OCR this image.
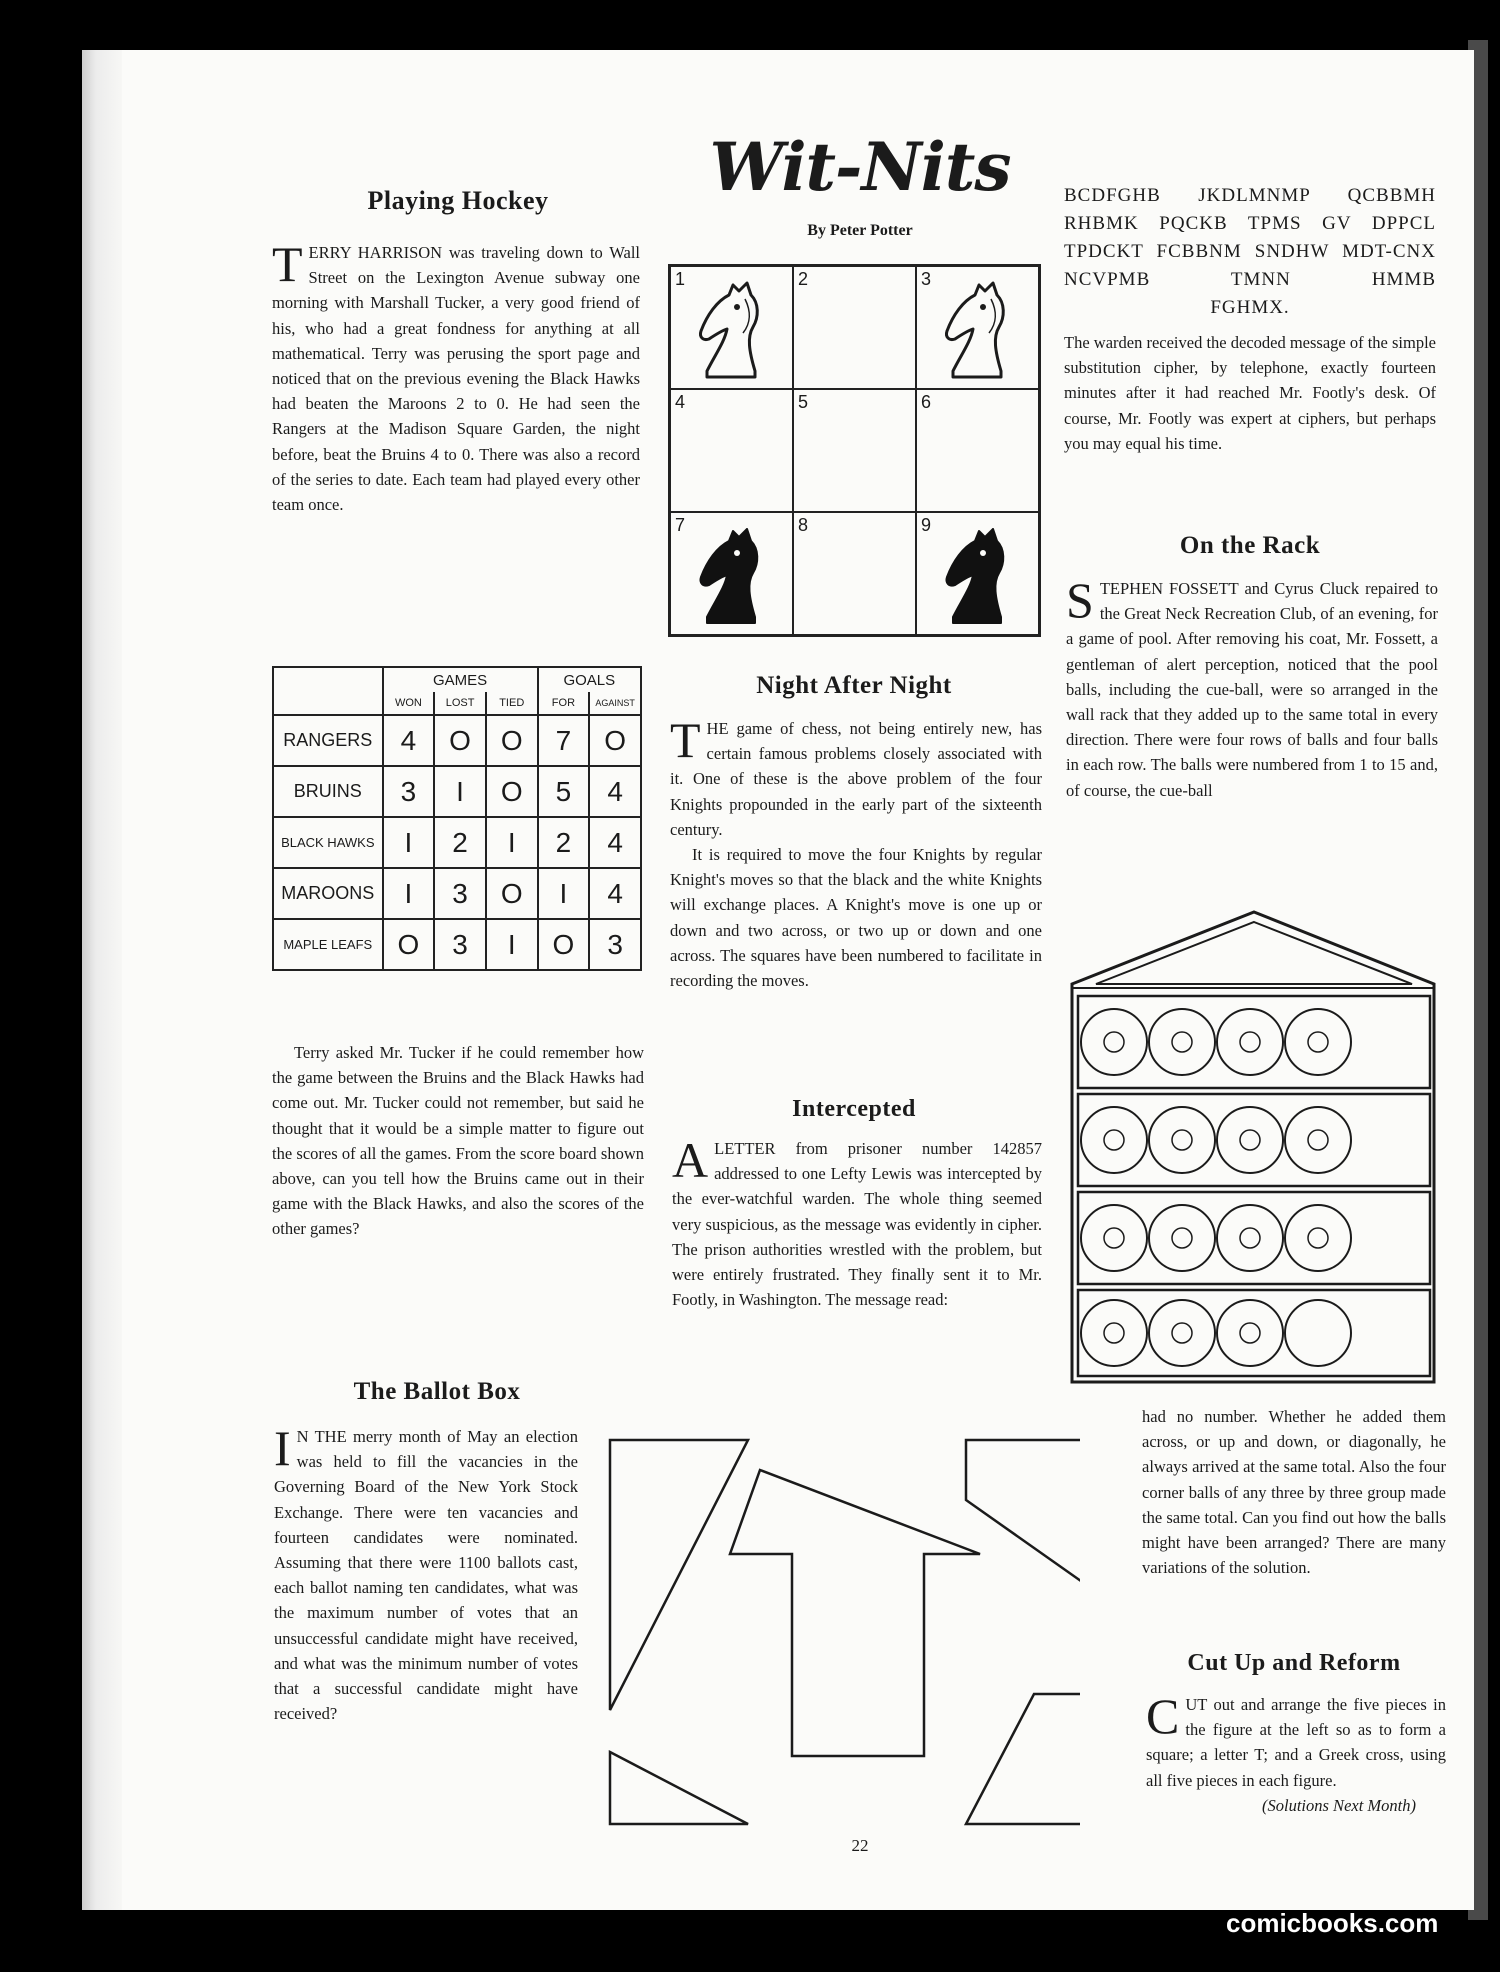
Playing Hockey

TERRY HARRISON was traveling down to Wall Street on the Lexington Avenue subway one morning with Marshall Tucker, a very good friend of his, who had a great fondness for anything at all mathematical. Terry was perusing the sport page and noticed that on the previous evening the Black Hawks had beaten the Maroons 2 to 0. He had seen the Rangers at the Madison Square Garden, the night before, beat the Bruins 4 to 0. There was also a record of the series to date. Each team had played every other team once.

	GAMES			GOALS	
	WON	LOST	TIED	FOR	AGAINST
RANGERS	4	O	O	7	O
BRUINS	3	I	O	5	4
BLACK HAWKS	I	2	I	2	4
MAROONS	I	3	O	I	4
MAPLE LEAFS	O	3	I	O	3

Terry asked Mr. Tucker if he could remember how the game between the Bruins and the Black Hawks had come out. Mr. Tucker could not remember, but said he thought that it would be a simple matter to figure out the scores of all the games. From the score board shown above, can you tell how the Bruins came out in their game with the Black Hawks, and also the scores of the other games?

The Ballot Box

I N THE merry month of May an election was held to fill the vacancies in the Governing Board of the New York Stock Exchange. There were ten vacancies and fourteen candidates were nominated. Assuming that there were 1100 ballots cast, each ballot naming ten candidates, what was the maximum number of votes that an unsuccessful candidate might have received, and what was the minimum number of votes that a successful candidate might have received?

Wit-Nits
By Peter Potter
1	2	3
4	5	6
7	8	9
Night After Night

THE game of chess, not being entirely new, has certain famous problems closely associated with it. One of these is the above problem of the four Knights propounded in the early part of the sixteenth century.

It is required to move the four Knights by regular Knight's moves so that the black and the white Knights will exchange places. A Knight's move is one up or down and two across, or two up or down and one across. The squares have been numbered to facilitate in recording the moves.

Intercepted

ALETTER from prisoner number 142857 addressed to one Lefty Lewis was intercepted by the ever-watchful warden. The whole thing seemed very suspicious, as the message was evidently in cipher. The prison authorities wrestled with the problem, but were entirely frustrated. They finally sent it to Mr. Footly, in Washington. The message read:

BCDFGHB JKDLMNMP QCBBMH RHBMK PQCKB TPMS GV DPPCL TPDCKT FCBBNM SNDHW MDT-CNX NCVPMB TMNN HMMB

FGHMX.

The warden received the decoded message of the simple substitution cipher, by telephone, exactly fourteen minutes after it had reached Mr. Footly's desk. Of course, Mr. Footly was expert at ciphers, but perhaps you may equal his time.

On the Rack

STEPHEN FOSSETT and Cyrus Cluck repaired to the Great Neck Recreation Club, of an evening, for a game of pool. After removing his coat, Mr. Fossett, a gentleman of alert perception, noticed that the pool balls, including the cue-ball, were so arranged in the wall rack that they added up to the same total in every direction. There were four rows of balls and four balls in each row. The balls were numbered from 1 to 15 and, of course, the cue-ball

had no number. Whether he added them across, or up and down, or diagonally, he always arrived at the same total. Also the four corner balls of any three by three group made the same total. Can you find out how the balls might have been arranged? There are many variations of the solution.

Cut Up and Reform

CUT out and arrange the five pieces in the figure at the left so as to form a square; a letter T; and a Greek cross, using all five pieces in each figure.

(Solutions Next Month)

22
comicbooks.com
